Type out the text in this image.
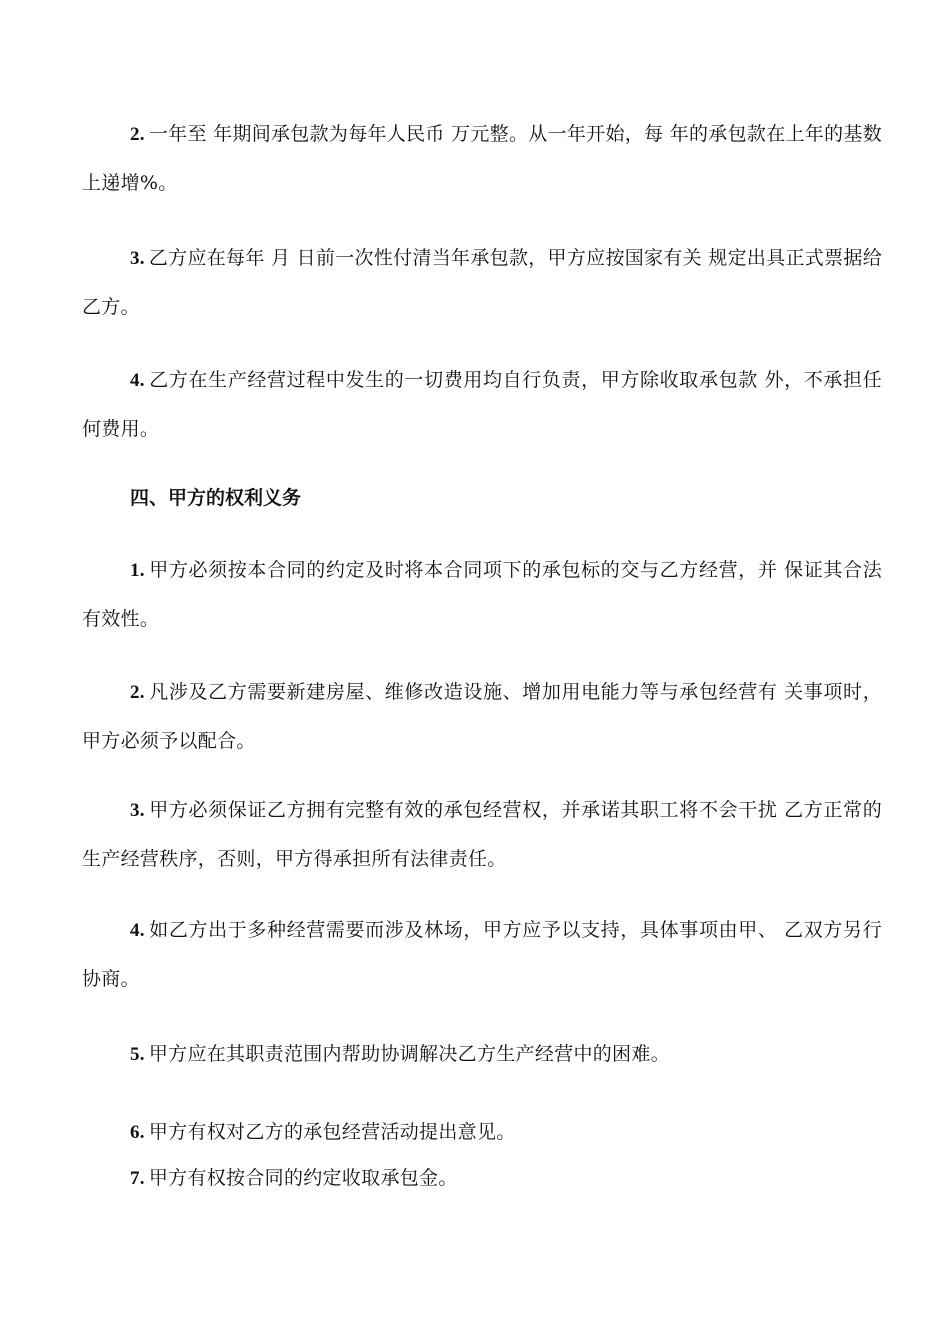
2. 一年至 年期间承包款为每年人民币 万元整。从一年开始，每 年的承包款在上年的基数上递增%。

3. 乙方应在每年 月 日前一次性付清当年承包款，甲方应按国家有关 规定出具正式票据给乙方。

4. 乙方在生产经营过程中发生的一切费用均自行负责，甲方除收取承包款 外，不承担任何费用。

四、甲方的权利义务

1. 甲方必须按本合同的约定及时将本合同项下的承包标的交与乙方经营，并 保证其合法有效性。

2. 凡涉及乙方需要新建房屋、维修改造设施、增加用电能力等与承包经营有 关事项时，甲方必须予以配合。

3. 甲方必须保证乙方拥有完整有效的承包经营权，并承诺其职工将不会干扰 乙方正常的生产经营秩序，否则，甲方得承担所有法律责任。

4. 如乙方出于多种经营需要而涉及林场，甲方应予以支持，具体事项由甲、 乙双方另行协商。

5. 甲方应在其职责范围内帮助协调解决乙方生产经营中的困难。

6. 甲方有权对乙方的承包经营活动提出意见。

7. 甲方有权按合同的约定收取承包金。
